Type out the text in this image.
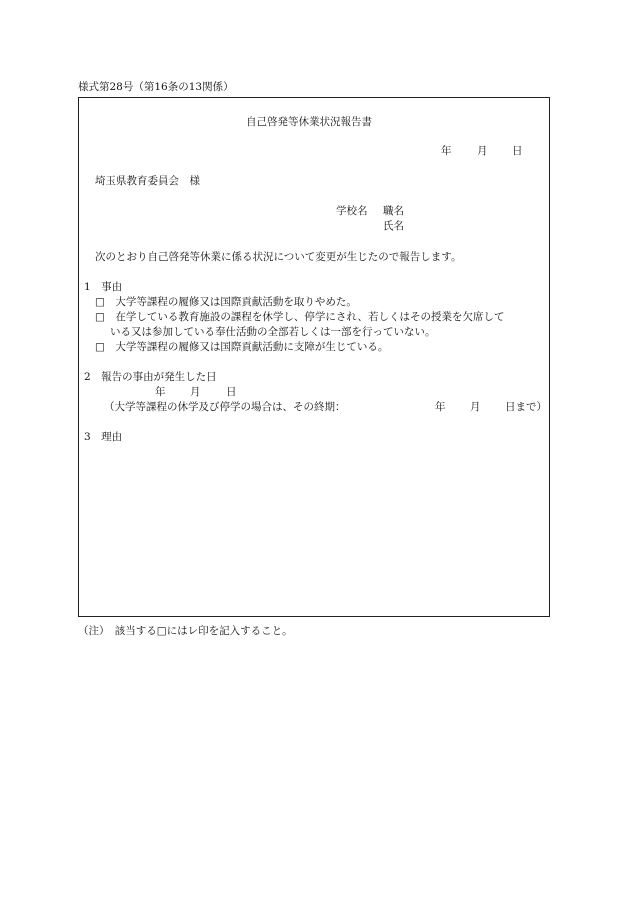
様式第28号（第16条の13関係）
自己啓発等休業状況報告書
年 月 日
埼玉県教育委員会　様
学校名 職名
氏名
次のとおり自己啓発等休業に係る状況について変更が生じたので報告します。
1　事由
□　大学等課程の履修又は国際貢献活動を取りやめた。
□　在学している教育施設の課程を休学し、停学にされ、若しくはその授業を欠席して
いる又は参加している奉仕活動の全部若しくは一部を行っていない。
□　大学等課程の履修又は国際貢献活動に支障が生じている。
2　報告の事由が発生した日
年 月 日
（大学等課程の休学及び停学の場合は、その終期：	年 月 日まで）
3　理由
（注）　該当する□にはレ印を記入すること。
